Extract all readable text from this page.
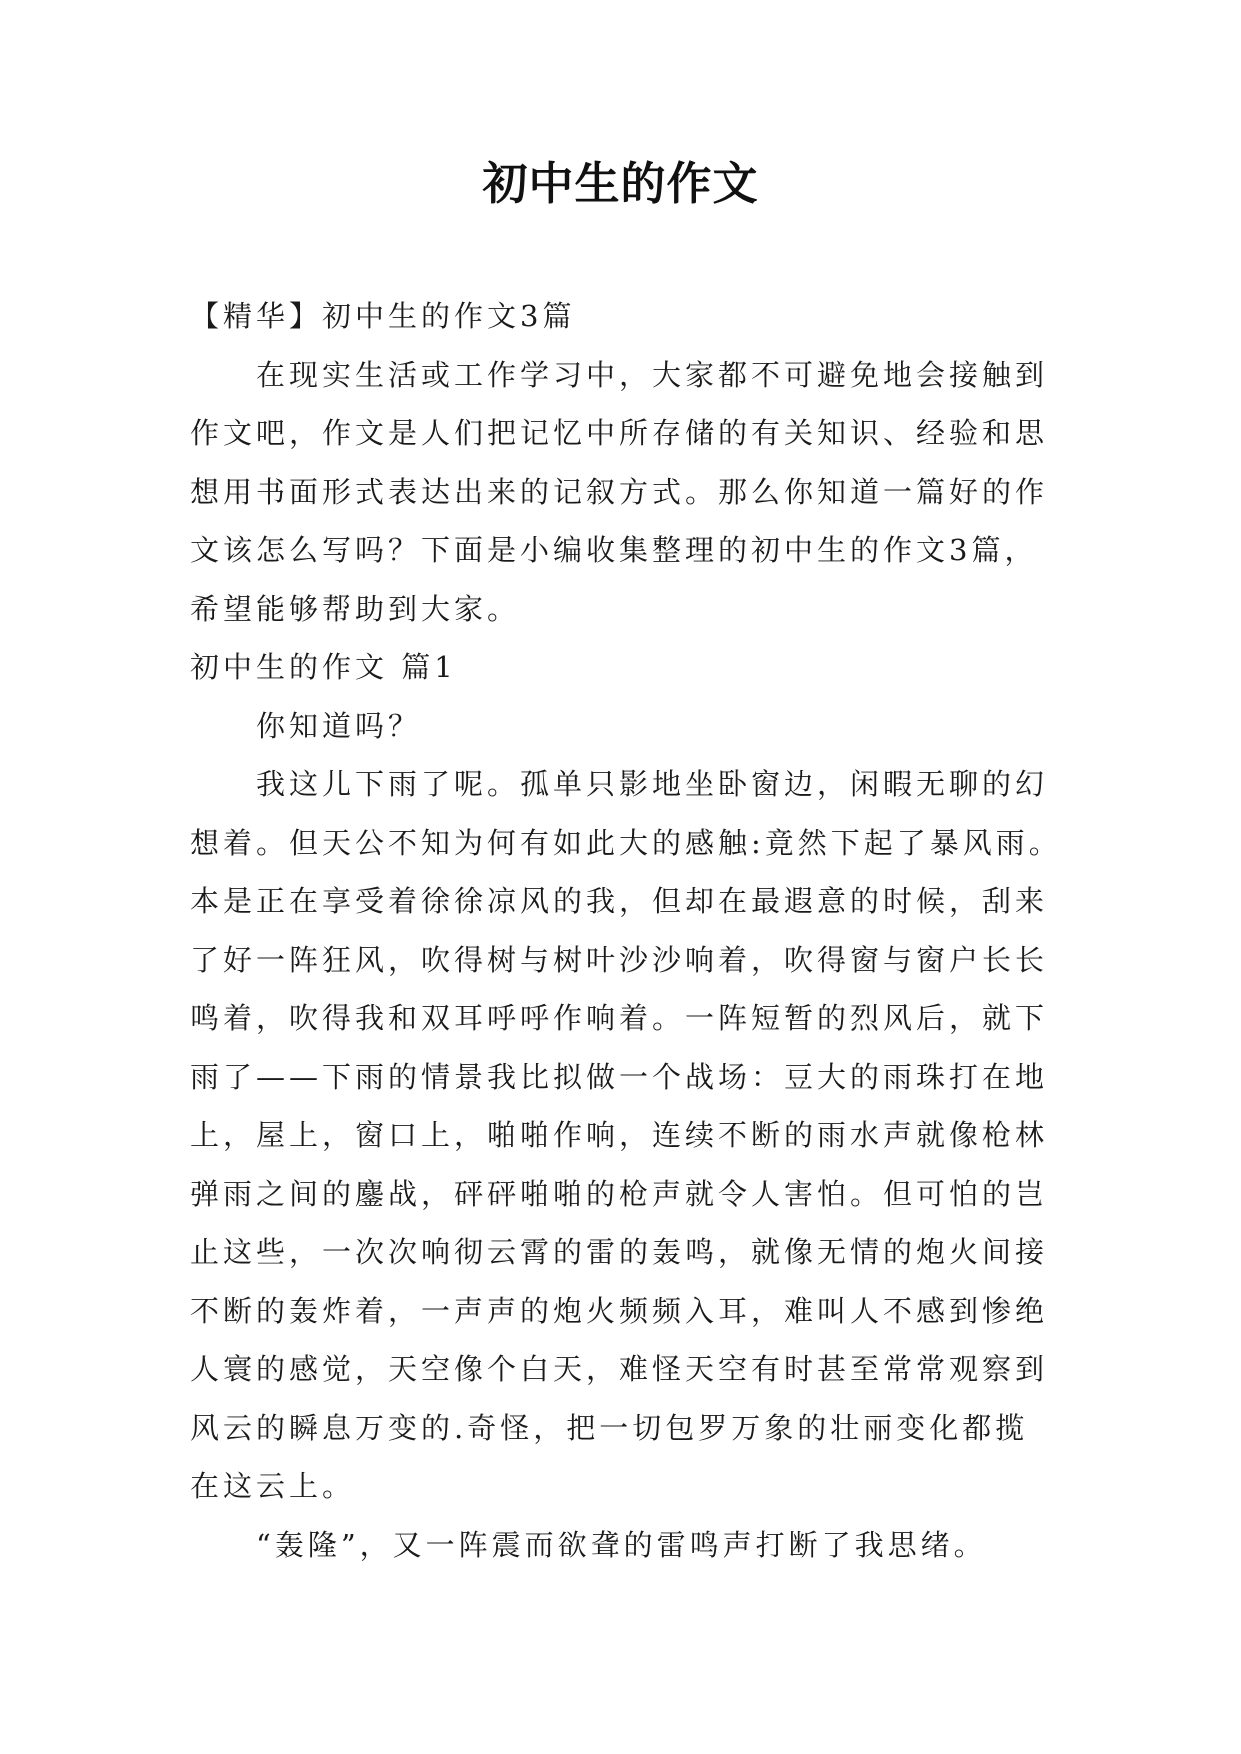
初中生的作文
【精华】初中生的作文3篇
在现实生活或工作学习中，大家都不可避免地会接触到
作文吧，作文是人们把记忆中所存储的有关知识、经验和思
想用书面形式表达出来的记叙方式。那么你知道一篇好的作
文该怎么写吗？下面是小编收集整理的初中生的作文3篇，
希望能够帮助到大家。
初中生的作文 篇1
你知道吗？
我这儿下雨了呢。孤单只影地坐卧窗边，闲暇无聊的幻
想着。但天公不知为何有如此大的感触:竟然下起了暴风雨。
本是正在享受着徐徐凉风的我，但却在最遐意的时候，刮来
了好一阵狂风，吹得树与树叶沙沙响着，吹得窗与窗户长长
鸣着，吹得我和双耳呼呼作响着。一阵短暂的烈风后，就下
雨了——下雨的情景我比拟做一个战场：豆大的雨珠打在地
上，屋上，窗口上，啪啪作响，连续不断的雨水声就像枪林
弹雨之间的鏖战，砰砰啪啪的枪声就令人害怕。但可怕的岂
止这些，一次次响彻云霄的雷的轰鸣，就像无情的炮火间接
不断的轰炸着，一声声的炮火频频入耳，难叫人不感到惨绝
人寰的感觉，天空像个白天，难怪天空有时甚至常常观察到
风云的瞬息万变的.奇怪，把一切包罗万象的壮丽变化都揽
在这云上。
“轰隆”，又一阵震而欲聋的雷鸣声打断了我思绪。
